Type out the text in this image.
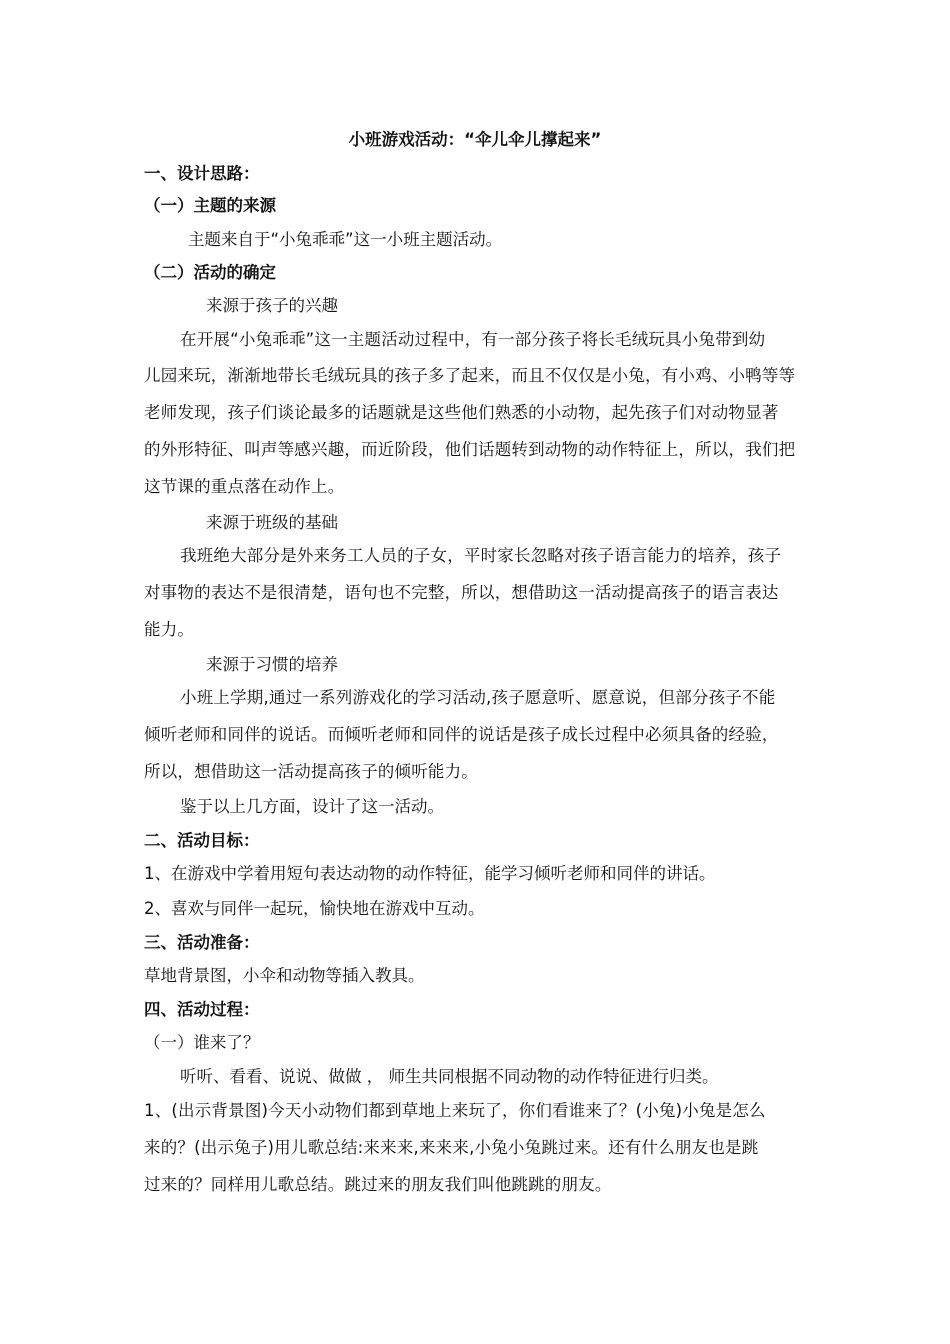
小班游戏活动：“伞儿伞儿撑起来”
一、设计思路：
（一）主题的来源
主题来自于“小兔乖乖”这一小班主题活动。
（二）活动的确定
来源于孩子的兴趣
在开展“小兔乖乖”这一主题活动过程中，有一部分孩子将长毛绒玩具小兔带到幼
儿园来玩，渐渐地带长毛绒玩具的孩子多了起来，而且不仅仅是小兔，有小鸡、小鸭等等
老师发现，孩子们谈论最多的话题就是这些他们熟悉的小动物，起先孩子们对动物显著
的外形特征、叫声等感兴趣，而近阶段，他们话题转到动物的动作特征上，所以，我们把
这节课的重点落在动作上。
来源于班级的基础
我班绝大部分是外来务工人员的子女，平时家长忽略对孩子语言能力的培养，孩子
对事物的表达不是很清楚，语句也不完整，所以，想借助这一活动提高孩子的语言表达
能力。
来源于习惯的培养
小班上学期,通过一系列游戏化的学习活动,孩子愿意听、愿意说，但部分孩子不能
倾听老师和同伴的说话。而倾听老师和同伴的说话是孩子成长过程中必须具备的经验，
所以，想借助这一活动提高孩子的倾听能力。
鉴于以上几方面，设计了这一活动。
二、活动目标：
1、在游戏中学着用短句表达动物的动作特征，能学习倾听老师和同伴的讲话。
2、喜欢与同伴一起玩，愉快地在游戏中互动。
三、活动准备：
草地背景图，小伞和动物等插入教具。
四、活动过程：
（一）谁来了？
听听、看看、说说、做做 ， 师生共同根据不同动物的动作特征进行归类。
1、(出示背景图)今天小动物们都到草地上来玩了，你们看谁来了？(小兔)小兔是怎么
来的？(出示兔子)用儿歌总结:来来来,来来来,小兔小兔跳过来。还有什么朋友也是跳
过来的？同样用儿歌总结。跳过来的朋友我们叫他跳跳的朋友。
